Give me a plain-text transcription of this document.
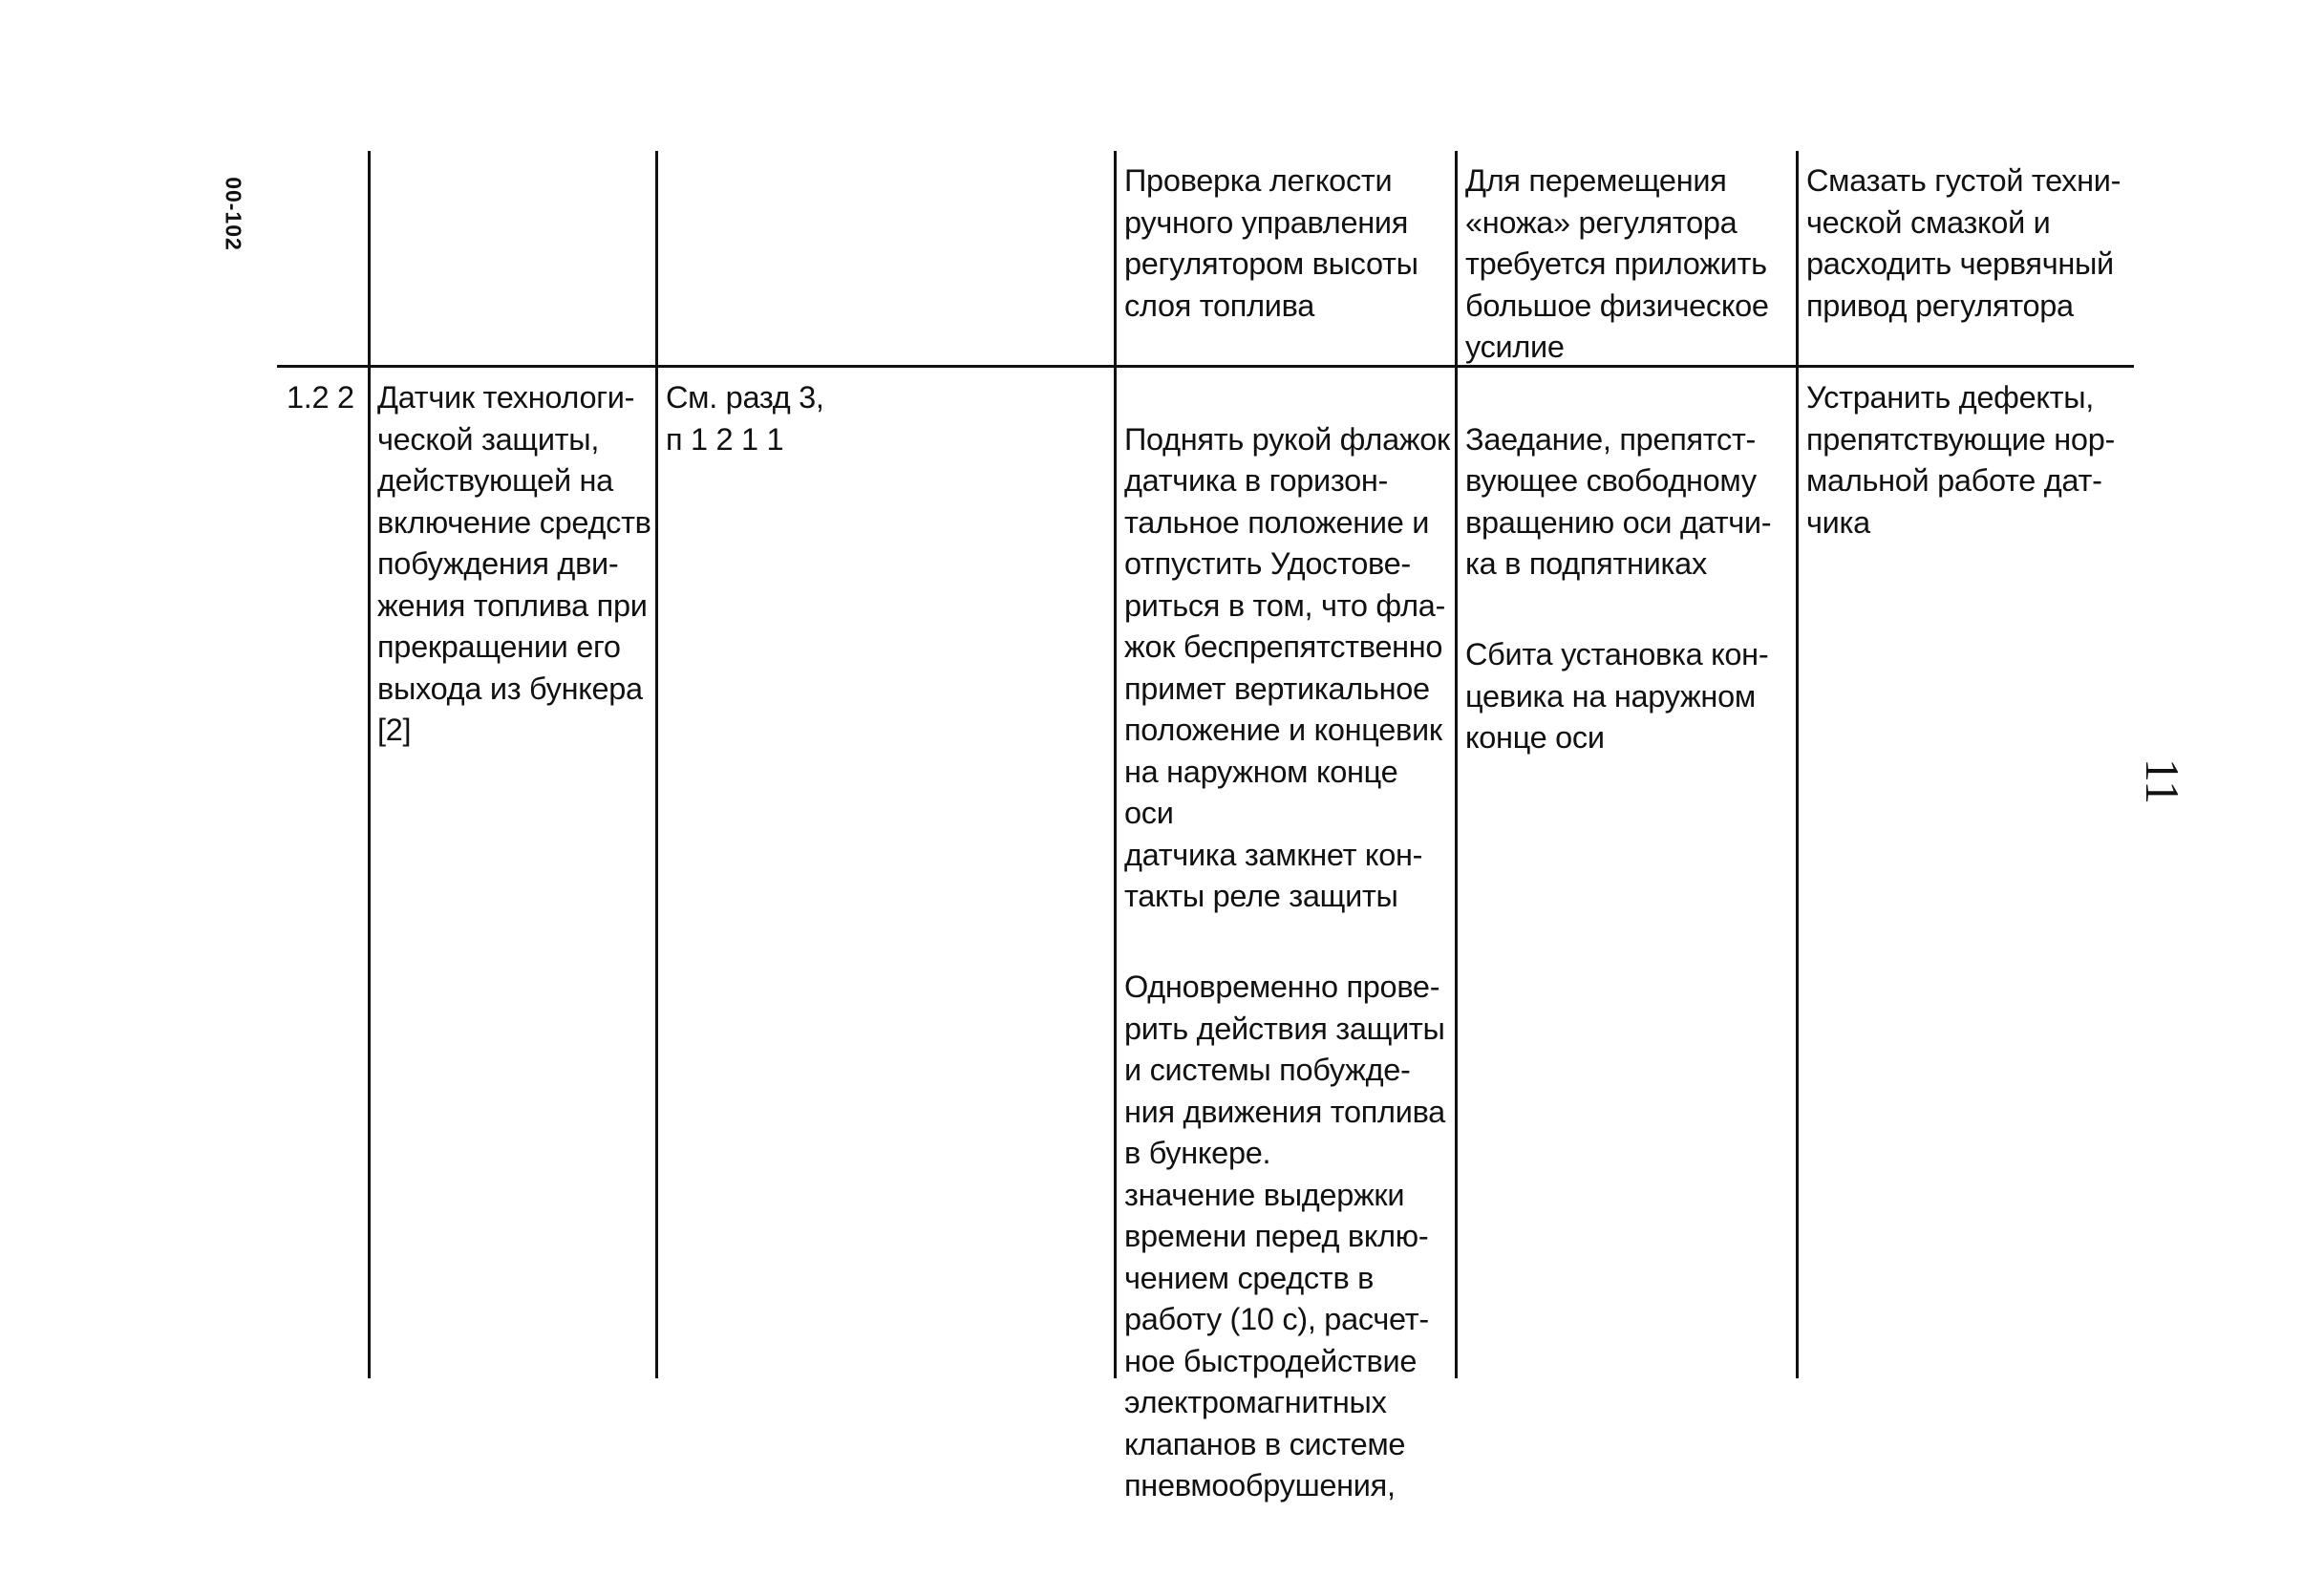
00-102
11
Проверка легкости
ручного управления
регулятором высоты
слоя топлива
Для перемещения
«ножа» регулятора
требуется приложить
большое физическое
усилие
Смазать густой техни-
ческой смазкой и
расходить червячный
привод регулятора
1.2 2 Датчик технологи-
ческой защиты,
действующей на
включение средств
побуждения дви-
жения топлива при
прекращении его
выхода из бункера
[2]
См. разд 3,
п 1 2 1 1	Поднять рукой флажок
датчика в горизон-
тальное положение и
отпустить Удостове-
риться в том, что фла-
жок беспрепятственно
примет вертикальное
положение и концевик
на наружном конце оси
датчика замкнет кон-
такты реле защиты

Одновременно прове-
рить действия защиты
и системы побужде-
ния движения топлива
в бункере.
значение выдержки
времени перед вклю-
чением средств в
работу (10 с), расчет-
ное быстродействие
электромагнитных
клапанов в системе
пневмообрушения,

Заедание, препятст-
вующее свободному
вращению оси датчи-
ка в подпятниках

Сбита установка кон-
цевика на наружном
конце оси

Устранить дефекты,
препятствующие нор-
мальной работе дат-
чика
